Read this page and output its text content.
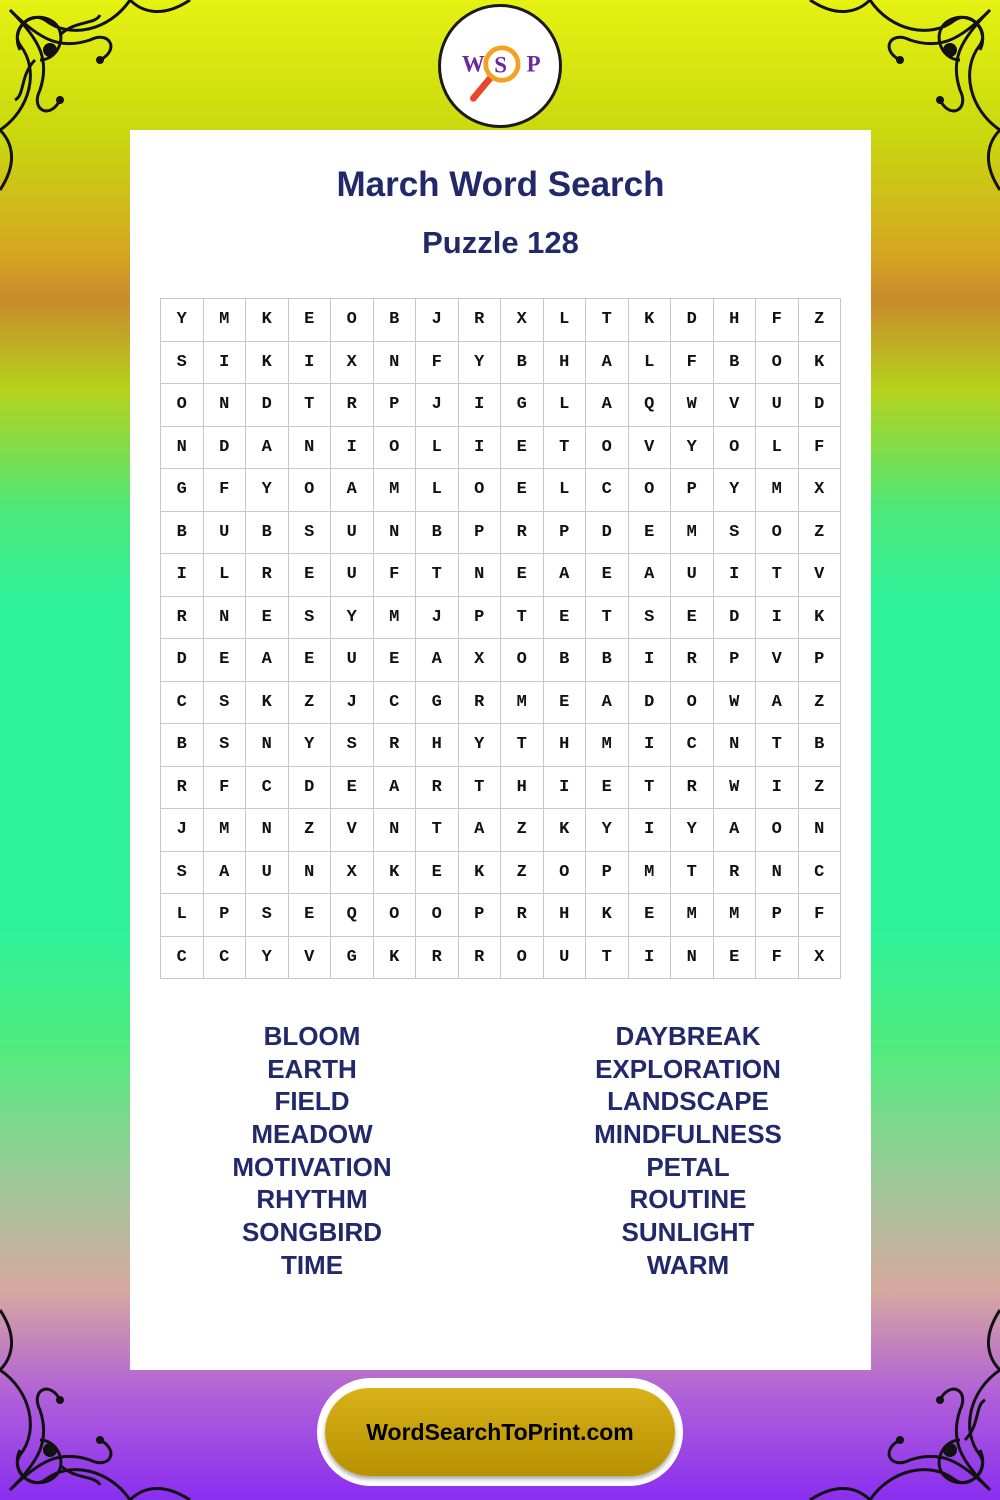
W S P
March Word Search
Puzzle 128
Y	M	K	E	O	B	J	R	X	L	T	K	D	H	F	Z
S	I	K	I	X	N	F	Y	B	H	A	L	F	B	O	K
O	N	D	T	R	P	J	I	G	L	A	Q	W	V	U	D
N	D	A	N	I	O	L	I	E	T	O	V	Y	O	L	F
G	F	Y	O	A	M	L	O	E	L	C	O	P	Y	M	X
B	U	B	S	U	N	B	P	R	P	D	E	M	S	O	Z
I	L	R	E	U	F	T	N	E	A	E	A	U	I	T	V
R	N	E	S	Y	M	J	P	T	E	T	S	E	D	I	K
D	E	A	E	U	E	A	X	O	B	B	I	R	P	V	P
C	S	K	Z	J	C	G	R	M	E	A	D	O	W	A	Z
B	S	N	Y	S	R	H	Y	T	H	M	I	C	N	T	B
R	F	C	D	E	A	R	T	H	I	E	T	R	W	I	Z
J	M	N	Z	V	N	T	A	Z	K	Y	I	Y	A	O	N
S	A	U	N	X	K	E	K	Z	O	P	M	T	R	N	C
L	P	S	E	Q	O	O	P	R	H	K	E	M	M	P	F
C	C	Y	V	G	K	R	R	O	U	T	I	N	E	F	X
BLOOM
EARTH
FIELD
MEADOW
MOTIVATION
RHYTHM
SONGBIRD
TIME
DAYBREAK
EXPLORATION
LANDSCAPE
MINDFULNESS
PETAL
ROUTINE
SUNLIGHT
WARM
WordSearchToPrint.com
